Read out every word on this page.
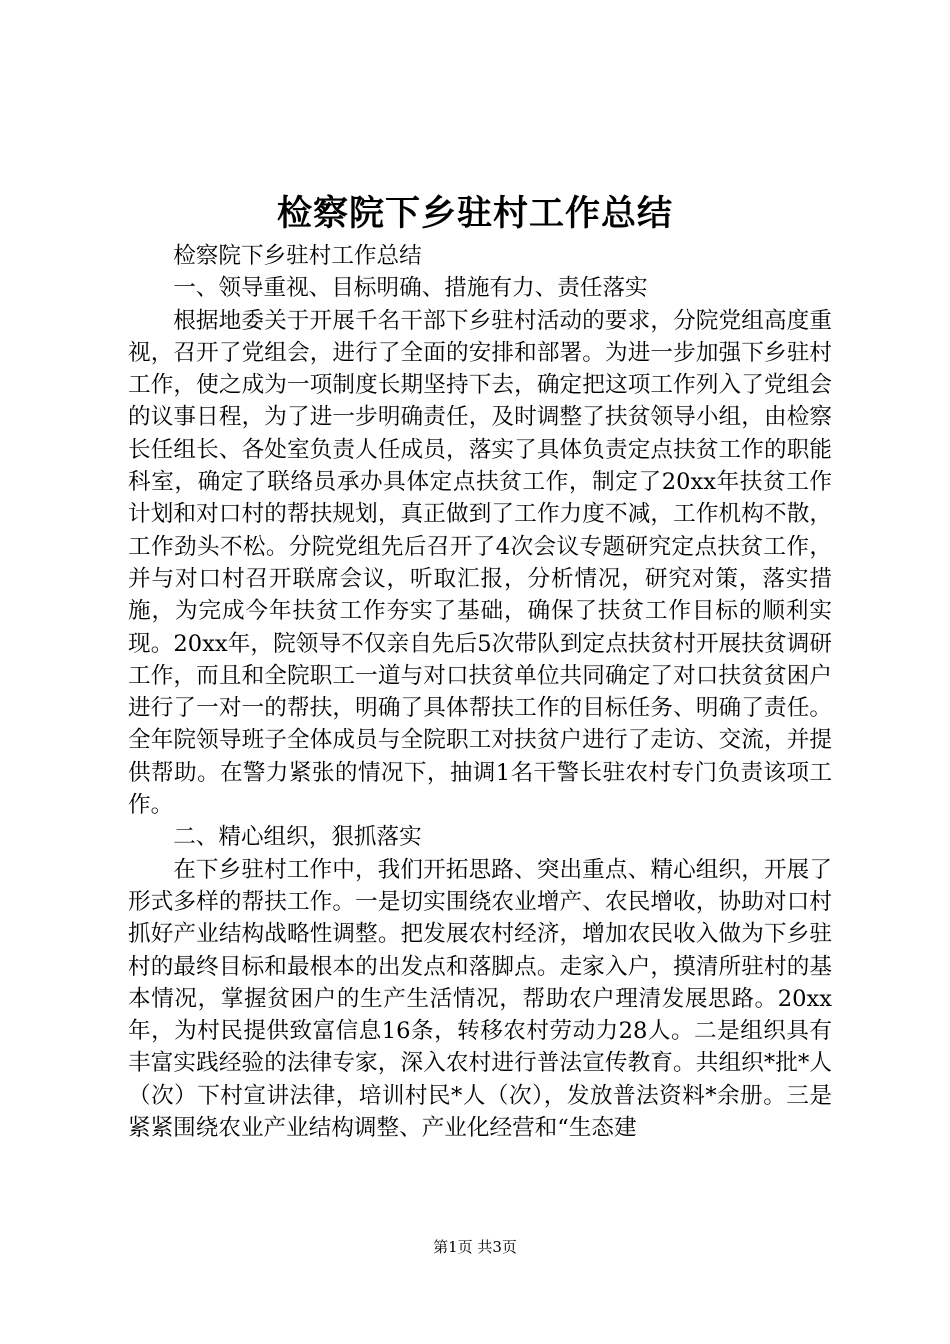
检察院下乡驻村工作总结

检察院下乡驻村工作总结

一、领导重视、目标明确、措施有力、责任落实

根据地委关于开展千名干部下乡驻村活动的要求，分院党组高度重视，召开了党组会，进行了全面的安排和部署。为进一步加强下乡驻村工作，使之成为一项制度长期坚持下去，确定把这项工作列入了党组会的议事日程，为了进一步明确责任，及时调整了扶贫领导小组，由检察长任组长、各处室负责人任成员，落实了具体负责定点扶贫工作的职能科室，确定了联络员承办具体定点扶贫工作，制定了20xx年扶贫工作计划和对口村的帮扶规划，真正做到了工作力度不减，工作机构不散，工作劲头不松。分院党组先后召开了4次会议专题研究定点扶贫工作，并与对口村召开联席会议，听取汇报，分析情况，研究对策，落实措施，为完成今年扶贫工作夯实了基础，确保了扶贫工作目标的顺利实现。20xx年，院领导不仅亲自先后5次带队到定点扶贫村开展扶贫调研工作，而且和全院职工一道与对口扶贫单位共同确定了对口扶贫贫困户进行了一对一的帮扶，明确了具体帮扶工作的目标任务、明确了责任。全年院领导班子全体成员与全院职工对扶贫户进行了走访、交流，并提供帮助。在警力紧张的情况下，抽调1名干警长驻农村专门负责该项工作。

二、精心组织，狠抓落实

在下乡驻村工作中，我们开拓思路、突出重点、精心组织，开展了形式多样的帮扶工作。一是切实围绕农业增产、农民增收，协助对口村抓好产业结构战略性调整。把发展农村经济，增加农民收入做为下乡驻村的最终目标和最根本的出发点和落脚点。走家入户，摸清所驻村的基本情况，掌握贫困户的生产生活情况，帮助农户理清发展思路。20xx年，为村民提供致富信息16条，转移农村劳动力28人。二是组织具有丰富实践经验的法律专家，深入农村进行普法宣传教育。共组织*批*人（次）下村宣讲法律，培训村民*人（次），发放普法资料*余册。三是紧紧围绕农业产业结构调整、产业化经营和“生态建

第1页 共3页
